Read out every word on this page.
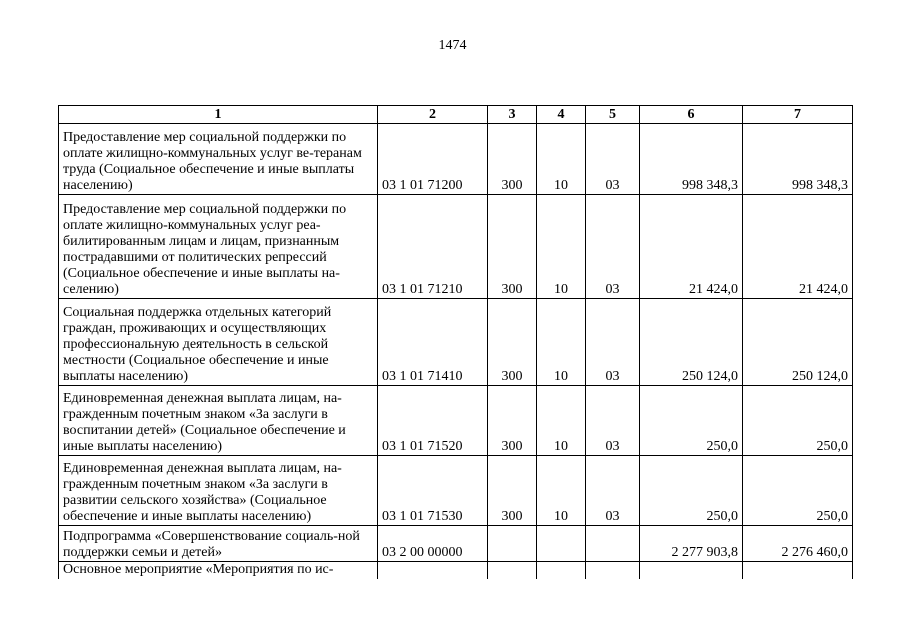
1474
1	2	3	4	5	6	7
Предоставление мер социальной поддержки по оплате жилищно-коммунальных услуг ве-теранам труда (Социальное обеспечение и иные выплаты населению)	03 1 01 71200	300	10	03	998 348,3	998 348,3
Предоставление мер социальной поддержки по оплате жилищно-коммунальных услуг реа-билитированным лицам и лицам, признанным пострадавшими от политических репрессий (Социальное обеспечение и иные выплаты на-селению)	03 1 01 71210	300	10	03	21 424,0	21 424,0
Социальная поддержка отдельных категорий граждан, проживающих и осуществляющих профессиональную деятельность в сельской местности (Социальное обеспечение и иные выплаты населению)	03 1 01 71410	300	10	03	250 124,0	250 124,0
Единовременная денежная выплата лицам, на-гражденным почетным знаком «За заслуги в воспитании детей» (Социальное обеспечение и иные выплаты населению)	03 1 01 71520	300	10	03	250,0	250,0
Единовременная денежная выплата лицам, на-гражденным почетным знаком «За заслуги в развитии сельского хозяйства» (Социальное обеспечение и иные выплаты населению)	03 1 01 71530	300	10	03	250,0	250,0
Подпрограмма «Совершенствование социаль-ной поддержки семьи и детей»	03 2 00 00000				2 277 903,8	2 276 460,0
Основное мероприятие «Мероприятия по ис-						
